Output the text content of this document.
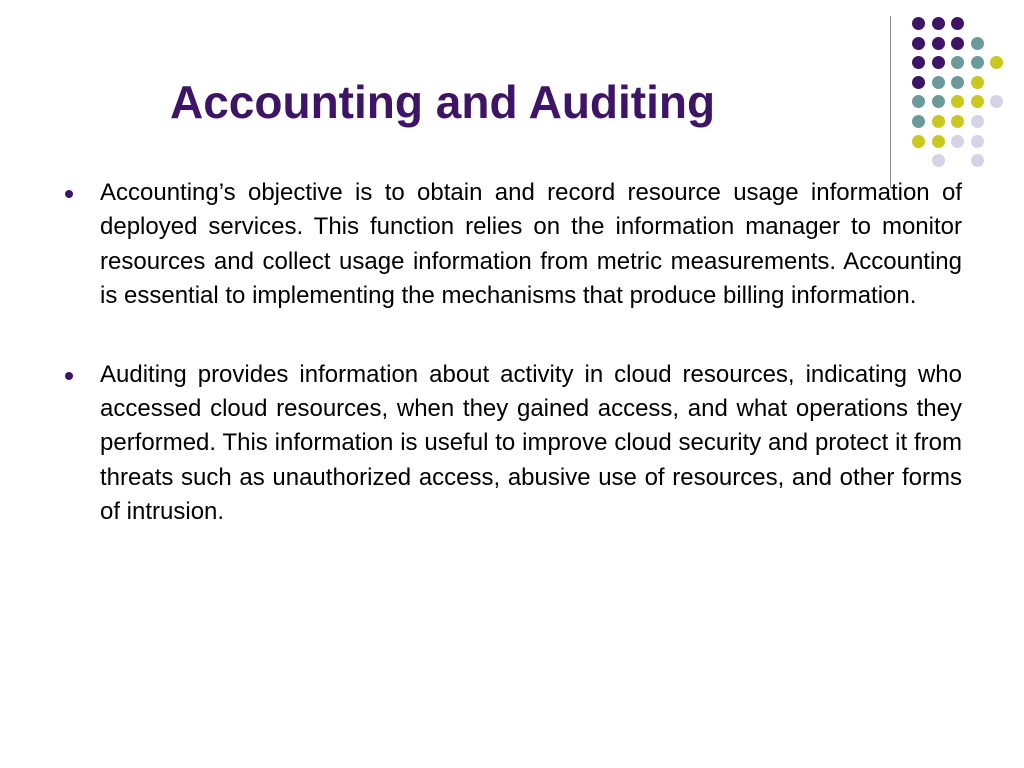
Accounting and Auditing
Accounting’s objective is to obtain and record resource usage information of deployed services. This function relies on the information manager to monitor resources and collect usage information from metric measurements. Accounting is essential to implementing the mechanisms that produce billing information.
Auditing provides information about activity in cloud resources, indicating who accessed cloud resources, when they gained access, and what operations they performed. This information is useful to improve cloud security and protect it from threats such as unauthorized access, abusive use of resources, and other forms of intrusion.
